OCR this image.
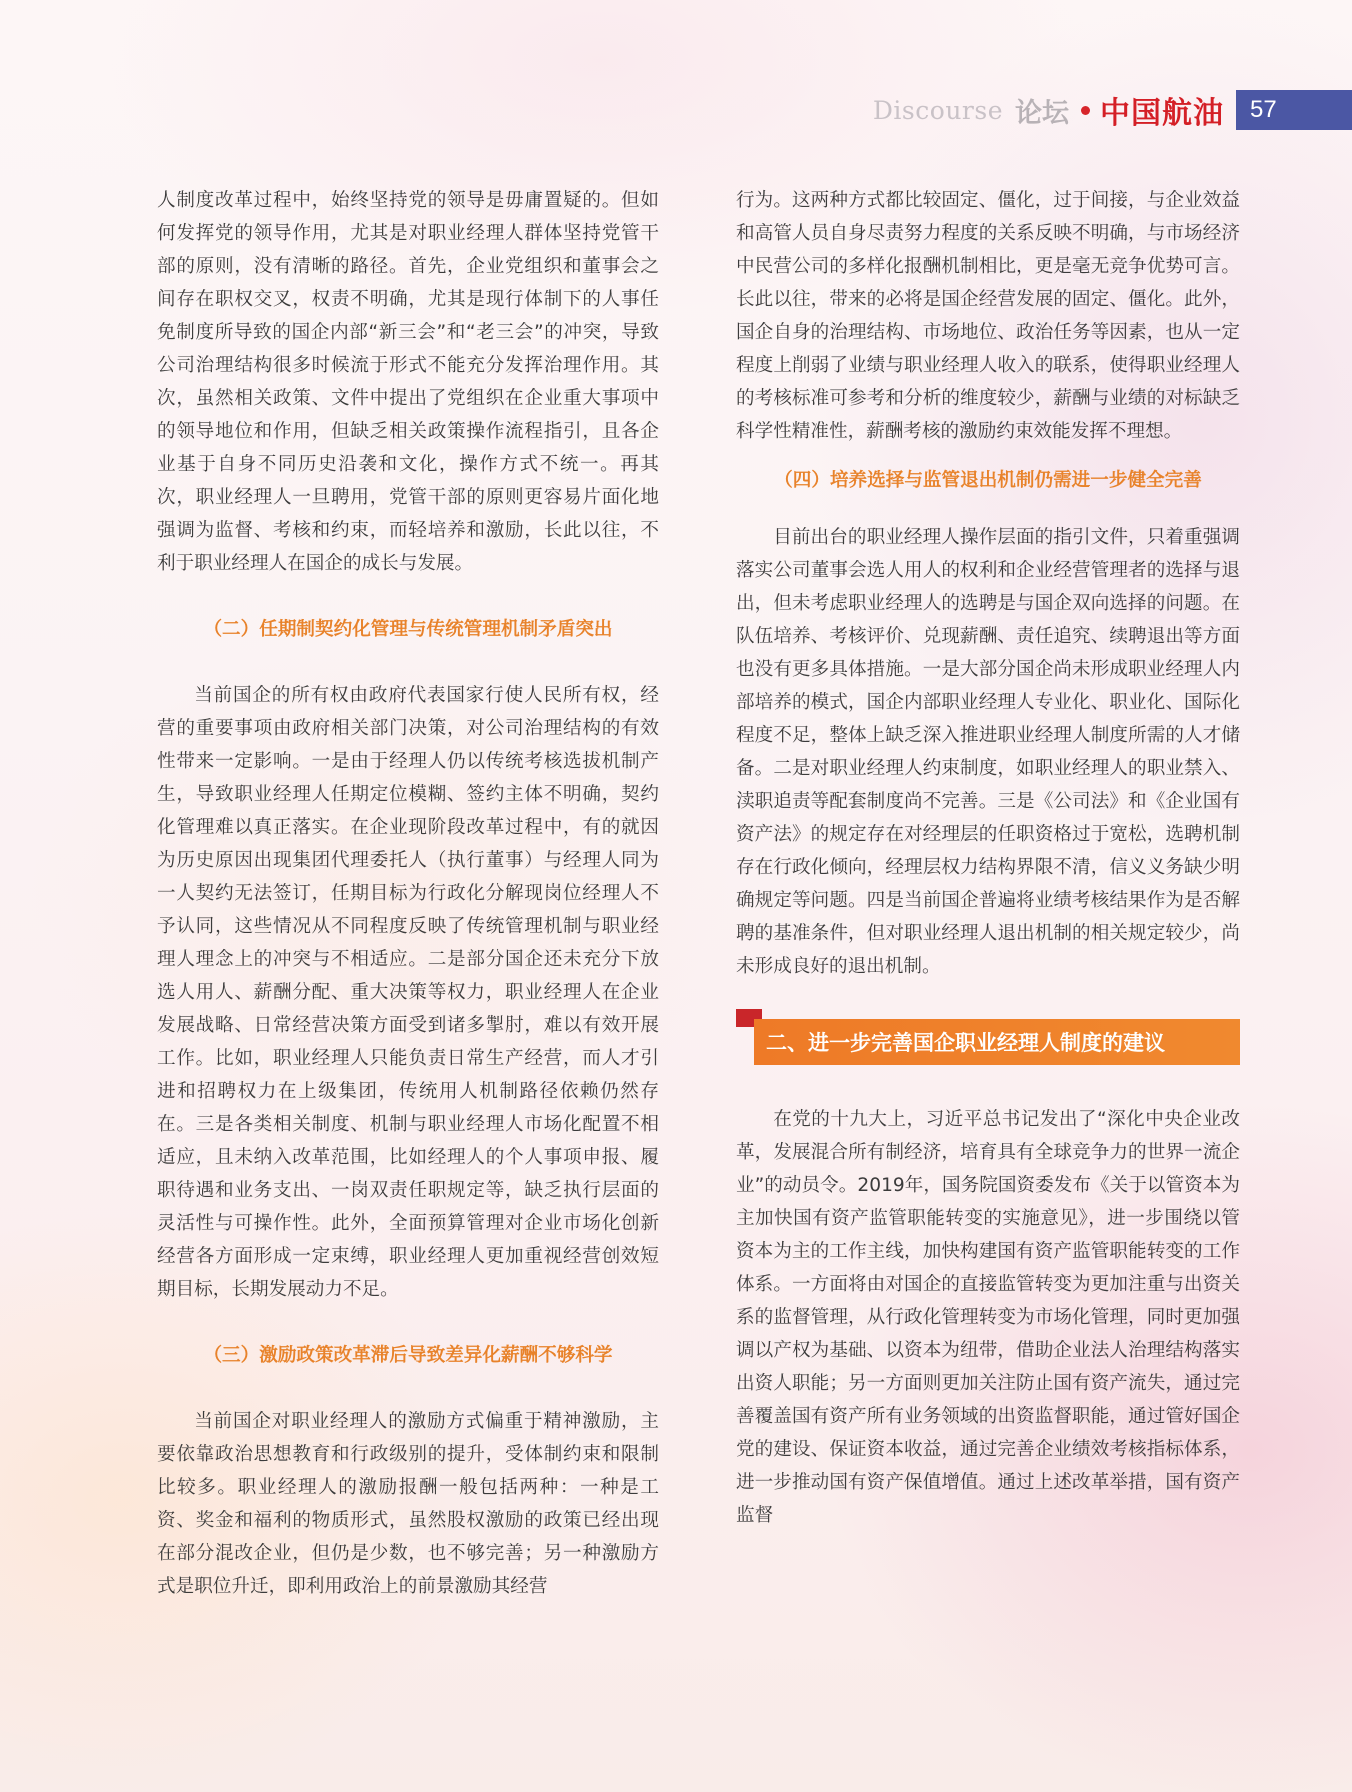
Discourse 论坛 中国航油	57

人制度改革过程中，始终坚持党的领导是毋庸置疑的。但如何发挥党的领导作用，尤其是对职业经理人群体坚持党管干部的原则，没有清晰的路径。首先，企业党组织和董事会之间存在职权交叉，权责不明确，尤其是现行体制下的人事任免制度所导致的国企内部“新三会”和“老三会”的冲突，导致公司治理结构很多时候流于形式不能充分发挥治理作用。其次，虽然相关政策、文件中提出了党组织在企业重大事项中的领导地位和作用，但缺乏相关政策操作流程指引，且各企业基于自身不同历史沿袭和文化，操作方式不统一。再其次，职业经理人一旦聘用，党管干部的原则更容易片面化地强调为监督、考核和约束，而轻培养和激励，长此以往，不利于职业经理人在国企的成长与发展。

（二）任期制契约化管理与传统管理机制矛盾突出

当前国企的所有权由政府代表国家行使人民所有权，经营的重要事项由政府相关部门决策，对公司治理结构的有效性带来一定影响。一是由于经理人仍以传统考核选拔机制产生，导致职业经理人任期定位模糊、签约主体不明确，契约化管理难以真正落实。在企业现阶段改革过程中，有的就因为历史原因出现集团代理委托人（执行董事）与经理人同为一人契约无法签订，任期目标为行政化分解现岗位经理人不予认同，这些情况从不同程度反映了传统管理机制与职业经理人理念上的冲突与不相适应。二是部分国企还未充分下放选人用人、薪酬分配、重大决策等权力，职业经理人在企业发展战略、日常经营决策方面受到诸多掣肘，难以有效开展工作。比如，职业经理人只能负责日常生产经营，而人才引进和招聘权力在上级集团，传统用人机制路径依赖仍然存在。三是各类相关制度、机制与职业经理人市场化配置不相适应，且未纳入改革范围，比如经理人的个人事项申报、履职待遇和业务支出、一岗双责任职规定等，缺乏执行层面的灵活性与可操作性。此外，全面预算管理对企业市场化创新经营各方面形成一定束缚，职业经理人更加重视经营创效短期目标，长期发展动力不足。

（三）激励政策改革滞后导致差异化薪酬不够科学

当前国企对职业经理人的激励方式偏重于精神激励，主要依靠政治思想教育和行政级别的提升，受体制约束和限制比较多。职业经理人的激励报酬一般包括两种：一种是工资、奖金和福利的物质形式，虽然股权激励的政策已经出现在部分混改企业，但仍是少数，也不够完善；另一种激励方式是职位升迁，即利用政治上的前景激励其经营

行为。这两种方式都比较固定、僵化，过于间接，与企业效益和高管人员自身尽责努力程度的关系反映不明确，与市场经济中民营公司的多样化报酬机制相比，更是毫无竞争优势可言。长此以往，带来的必将是国企经营发展的固定、僵化。此外，国企自身的治理结构、市场地位、政治任务等因素，也从一定程度上削弱了业绩与职业经理人收入的联系，使得职业经理人的考核标准可参考和分析的维度较少，薪酬与业绩的对标缺乏科学性精准性，薪酬考核的激励约束效能发挥不理想。

（四）培养选择与监管退出机制仍需进一步健全完善

目前出台的职业经理人操作层面的指引文件，只着重强调落实公司董事会选人用人的权利和企业经营管理者的选择与退出，但未考虑职业经理人的选聘是与国企双向选择的问题。在队伍培养、考核评价、兑现薪酬、责任追究、续聘退出等方面也没有更多具体措施。一是大部分国企尚未形成职业经理人内部培养的模式，国企内部职业经理人专业化、职业化、国际化程度不足，整体上缺乏深入推进职业经理人制度所需的人才储备。二是对职业经理人约束制度，如职业经理人的职业禁入、渎职追责等配套制度尚不完善。三是《公司法》和《企业国有资产法》的规定存在对经理层的任职资格过于宽松，选聘机制存在行政化倾向，经理层权力结构界限不清，信义义务缺少明确规定等问题。四是当前国企普遍将业绩考核结果作为是否解聘的基准条件，但对职业经理人退出机制的相关规定较少，尚未形成良好的退出机制。

二、进一步完善国企职业经理人制度的建议

在党的十九大上，习近平总书记发出了“深化中央企业改革，发展混合所有制经济，培育具有全球竞争力的世界一流企业”的动员令。2019年，国务院国资委发布《关于以管资本为主加快国有资产监管职能转变的实施意见》，进一步围绕以管资本为主的工作主线，加快构建国有资产监管职能转变的工作体系。一方面将由对国企的直接监管转变为更加注重与出资关系的监督管理，从行政化管理转变为市场化管理，同时更加强调以产权为基础、以资本为纽带，借助企业法人治理结构落实出资人职能；另一方面则更加关注防止国有资产流失，通过完善覆盖国有资产所有业务领域的出资监督职能，通过管好国企党的建设、保证资本收益，通过完善企业绩效考核指标体系，进一步推动国有资产保值增值。通过上述改革举措，国有资产监督
